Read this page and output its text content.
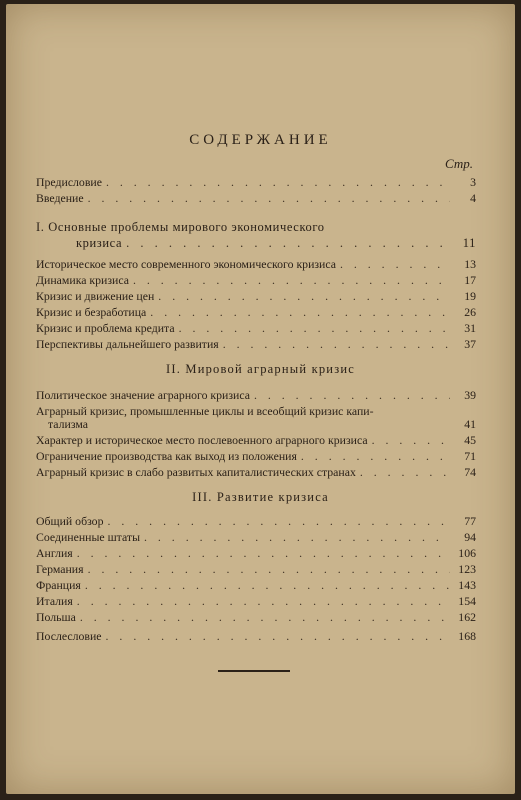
СОДЕРЖАНИЕ
Стр.
Предисловие . . .	3
Введение . . .	4
I. Основные проблемы мирового экономического
кризиса . . .	11
Историческое место современного экономического кризиса . . .	13
Динамика кризиса . . .	17
Кризис и движение цен . . .	19
Кризис и безработица . . .	26
Кризис и проблема кредита . . .	31
Перспективы дальнейшего развития . . .	37
II. Мировой аграрный кризис
Политическое значение аграрного кризиса . . .	39
Аграрный кризис, промышленные циклы и всеобщий кризис капи-
тализма	41
Характер и историческое место послевоенного аграрного кризиса . . .	45
Ограничение производства как выход из положения . . .	71
Аграрный кризис в слабо развитых капиталистических странах . . .	74
III. Развитие кризиса
Общий обзор . . .	77
Соединенные штаты . . .	94
Англия . . .	106
Германия . . .	123
Франция . . .	143
Италия . . .	154
Польша . . .	162
Послесловие . . .	168
